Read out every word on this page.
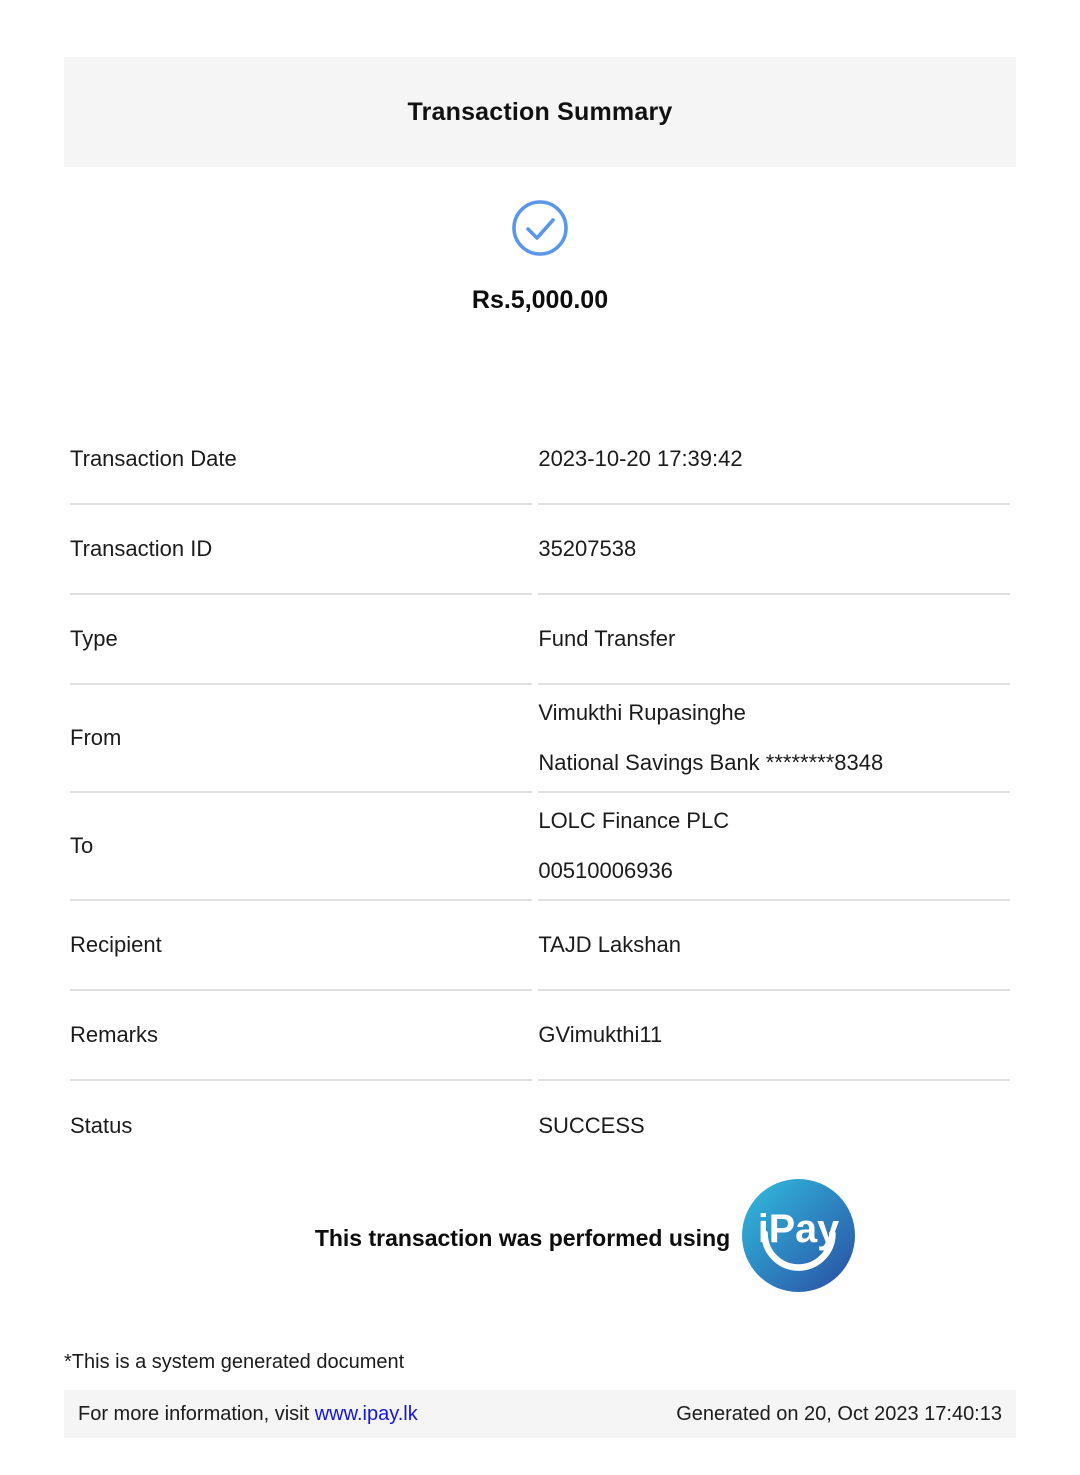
Transaction Summary
Rs.5,000.00
Transaction Date	2023-10-20 17:39:42

Transaction ID	35207538

Type	Fund Transfer

From	Vimukthi Rupasinghe
National Savings Bank ********8348

To	LOLC Finance PLC
00510006936

Recipient	TAJD Lakshan

Remarks	GVimukthi11

Status	SUCCESS
This transaction was performed using iPay
*This is a system generated document
For more information, visit www.ipay.lk	Generated on 20, Oct 2023 17:40:13
